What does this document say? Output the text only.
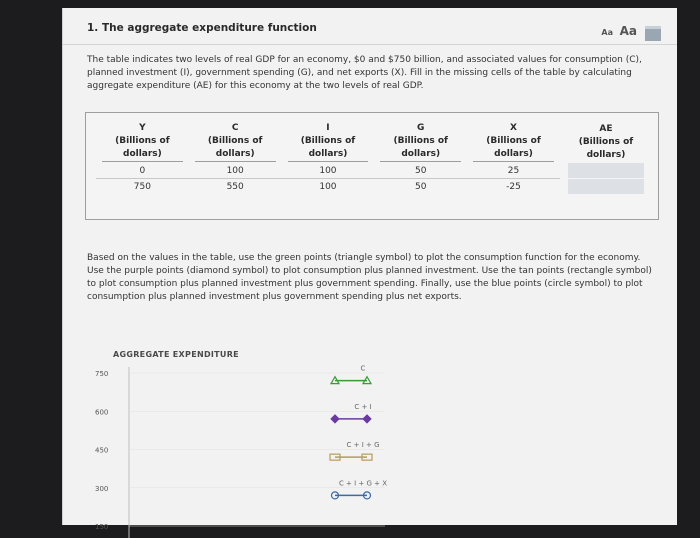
1. The aggregate expenditure function	Aa Aa
The table indicates two levels of real GDP for an economy, $0 and $750 billion, and associated values for consumption (C), planned investment (I), government spending (G), and net exports (X). Fill in the missing cells of the table by calculating aggregate expenditure (AE) for this economy at the two levels of real GDP.
Y
(Billions of
dollars)	C
(Billions of
dollars)	I
(Billions of
dollars)	G
(Billions of
dollars)	X
(Billions of
dollars)	AE
(Billions of
dollars)

0	100	100	50	25	

750	550	100	50	-25	
Based on the values in the table, use the green points (triangle symbol) to plot the consumption function for the economy. Use the purple points (diamond symbol) to plot consumption plus planned investment. Use the tan points (rectangle symbol) to plot consumption plus planned investment plus government spending. Finally, use the blue points (circle symbol) to plot consumption plus planned investment plus government spending plus net exports.
AGGREGATE EXPENDITURE
750
600
450
300
150
C
C + I
C + I + G
C + I + G + X
